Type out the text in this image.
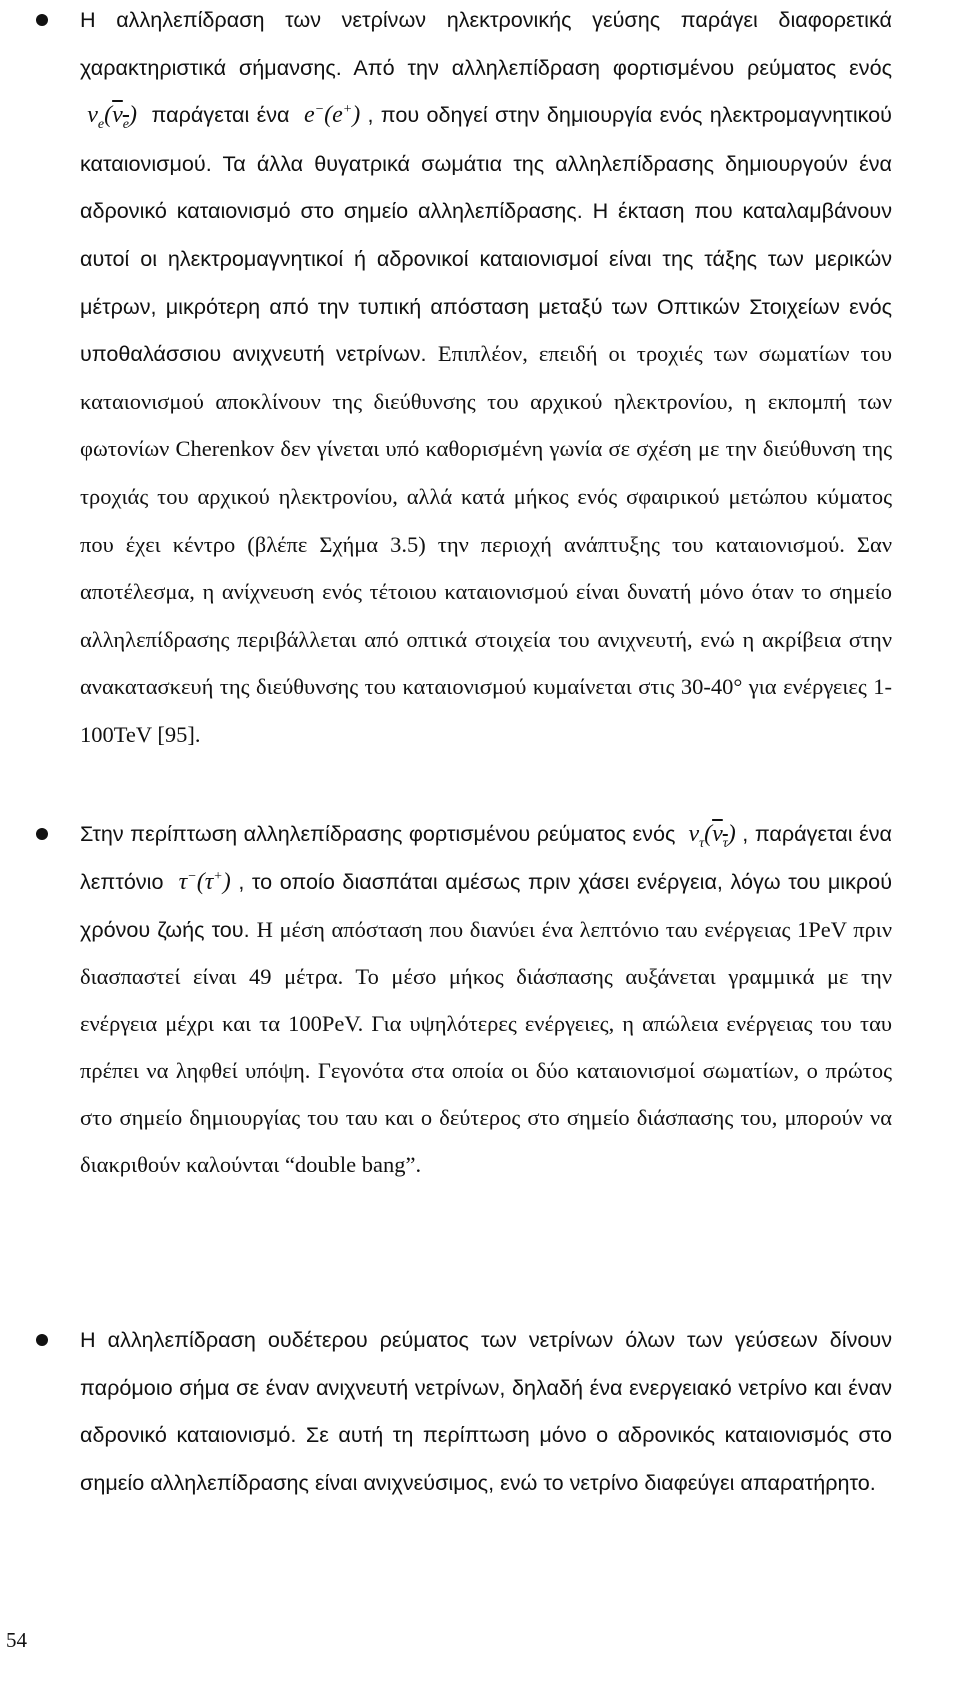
Η αλληλεπίδραση των νετρίνων ηλεκτρονικής γεύσης παράγει διαφορετικά χαρακτηριστικά σήμανσης. Από την αλληλεπίδραση φορτισμένου ρεύματος ενός  $\nu_e(\nu_e)$  παράγεται ένα e−(e+) , που οδηγεί στην δημιουργία ενός ηλεκτρομαγνητικού καταιονισμού. Τα άλλα θυγατρικά σωμάτια της αλληλεπίδρασης δημιουργούν ένα αδρονικό καταιονισμό στο σημείο αλληλεπίδρασης. Η έκταση που καταλαμβάνουν αυτοί οι ηλεκτρομαγνητικοί ή αδρονικοί καταιονισμοί είναι της τάξης των μερικών μέτρων, μικρότερη από την τυπική απόσταση μεταξύ των Οπτικών Στοιχείων ενός υποθαλάσσιου ανιχνευτή νετρίνων. Επιπλέον, επειδή οι τροχιές των σωματίων του καταιονισμού αποκλίνουν της διεύθυνσης του αρχικού ηλεκτρονίου, η εκπομπή των φωτονίων Cherenkov δεν γίνεται υπό καθορισμένη γωνία σε σχέση με την διεύθυνση της τροχιάς του αρχικού ηλεκτρονίου, αλλά κατά μήκος ενός σφαιρικού μετώπου κύματος που έχει κέντρο (βλέπε Σχήμα 3.5) την περιοχή ανάπτυξης του καταιονισμού. Σαν αποτέλεσμα, η ανίχνευση ενός τέτοιου καταιονισμού είναι δυνατή μόνο όταν το σημείο αλληλεπίδρασης περιβάλλεται από οπτικά στοιχεία του ανιχνευτή, ενώ η ακρίβεια στην ανακατασκευή της διεύθυνσης του καταιονισμού κυμαίνεται στις 30-40° για ενέργειες 1-100TeV [95].

Στην περίπτωση αλληλεπίδρασης φορτισμένου ρεύματος ενός $\nu_\tau(\nu_\tau)$ , παράγεται ένα λεπτόνιο τ−(τ+) , το οποίο διασπάται αμέσως πριν χάσει ενέργεια, λόγω του μικρού χρόνου ζωής του. Η μέση απόσταση που διανύει ένα λεπτόνιο ταυ ενέργειας 1PeV πριν διασπαστεί είναι 49 μέτρα. Το μέσο μήκος διάσπασης αυξάνεται γραμμικά με την ενέργεια μέχρι και τα 100PeV. Για υψηλότερες ενέργειες, η απώλεια ενέργειας του ταυ πρέπει να ληφθεί υπόψη. Γεγονότα στα οποία οι δύο καταιονισμοί σωματίων, ο πρώτος στο σημείο δημιουργίας του ταυ και ο δεύτερος στο σημείο διάσπασης του, μπορούν να διακριθούν καλούνται “double bang”.

Η αλληλεπίδραση ουδέτερου ρεύματος των νετρίνων όλων των γεύσεων δίνουν παρόμοιο σήμα σε έναν ανιχνευτή νετρίνων, δηλαδή ένα ενεργειακό νετρίνο και έναν αδρονικό καταιονισμό. Σε αυτή τη περίπτωση μόνο ο αδρονικός καταιονισμός στο σημείο αλληλεπίδρασης είναι ανιχνεύσιμος, ενώ το νετρίνο διαφεύγει απαρατήρητο.

54
